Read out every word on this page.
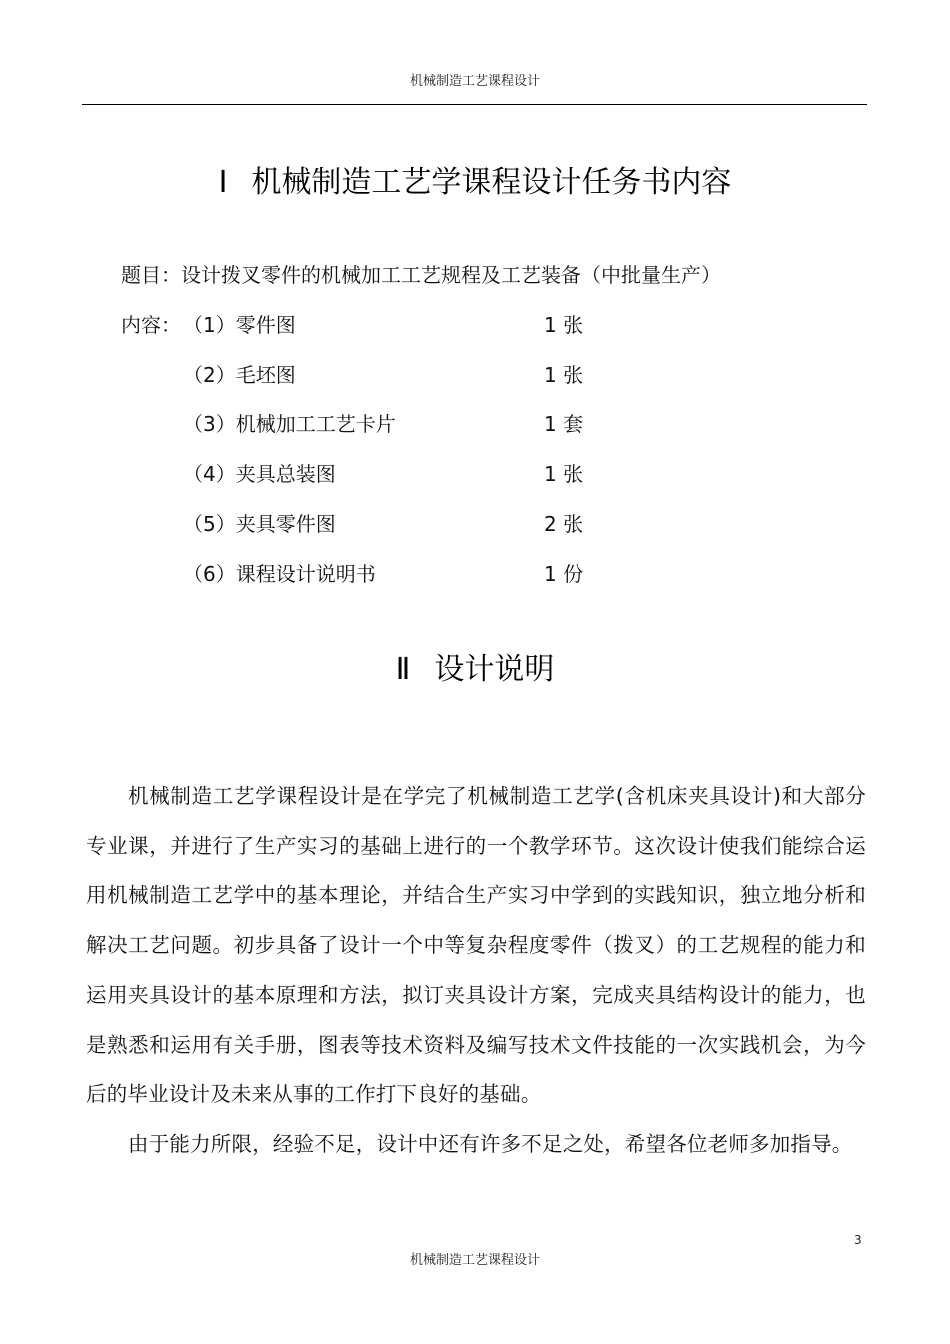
机械制造工艺课程设计
Ⅰ 机械制造工艺学课程设计任务书内容
题目：设计拨叉零件的机械加工工艺规程及工艺装备（中批量生产）
内容： （1）零件图	1 张
（2）毛坯图	1 张
（3）机械加工工艺卡片	1 套
（4）夹具总装图	1 张
（5）夹具零件图	2 张
（6）课程设计说明书	1 份
Ⅱ 设计说明

机械制造工艺学课程设计是在学完了机械制造工艺学(含机床夹具设计)和大部分专业课，并进行了生产实习的基础上进行的一个教学环节。这次设计使我们能综合运用机械制造工艺学中的基本理论，并结合生产实习中学到的实践知识，独立地分析和解决工艺问题。初步具备了设计一个中等复杂程度零件（拨叉）的工艺规程的能力和运用夹具设计的基本原理和方法，拟订夹具设计方案，完成夹具结构设计的能力，也是熟悉和运用有关手册，图表等技术资料及编写技术文件技能的一次实践机会，为今后的毕业设计及未来从事的工作打下良好的基础。

由于能力所限，经验不足，设计中还有许多不足之处，希望各位老师多加指导。

3
机械制造工艺课程设计
